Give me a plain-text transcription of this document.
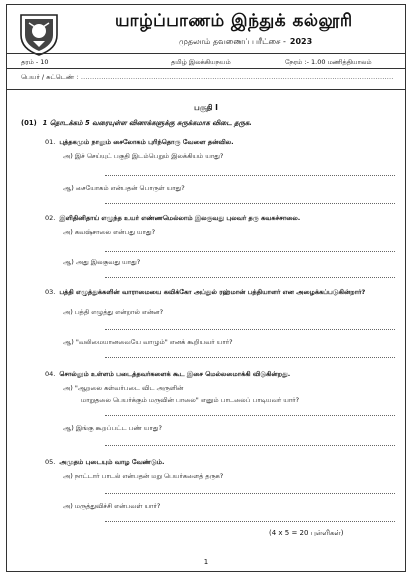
யாழ்ப்பாணம் இந்துக் கல்லூரி
முதலாம் தவணைப் பரீட்சை - 2023
தரம் - 10	தமிழ் இலக்கியநயம்	நேரம் :- 1.00 மணித்தியாலம்
பெயர் / சுட்டெண் : ..........................................................................................................................................
பகுதி I
(01) 1 தொடக்கம் 5 வரையுள்ள வினாக்களுக்கு சுருக்கமாக விடை தருக.
01. புத்தகமும் நாலும் சைலோகம் புரிந்தொரு வேளை தன்வில.
அ) இச் செய்யுட் பகுதி இடம்பெறும் இலக்கியம் யாது?
ஆ) சையோகம் என்பதன் பொருள் யாது?
02. இளிதினிதாய் எழுந்த உயர் எண்ணமெல்லாம் இலகுவது புலவர் தரு கவசுச்சாலை.
அ) கவஷ்சாலை என்பது யாது?
ஆ) அது இலகுவது யாது?
03. பத்தி எழுத்துக்களின் வாராமையை கவிக்கோ அப்துல் ரஹ்மான் பத்தியாளர் என அழைக்கப்படுகின்றார்?
அ) பத்தி எழுத்து என்றால் என்ன?
ஆ) "வலிமையானவையே வாழும்" எனக் கூறியவர் யார்?
04. சொல்லும் உள்ளம் படைத்தவர்களைக் கூட இசை மெல்லமைாக்கி விடுகின்றது.
அ) "ஆறலை கள்வர்படை விட அருளின்
மாறுதலை பெயர்க்கும் மருவின் பாலை" எனும் பாடலைப் பாடியவர் யார்?
ஆ) இங்கு கூறப்பட்ட பண் யாது?
05. அமுதம் புடையும் வாழ வேண்டும்.
அ) நாட்டார் பாடல் என்பதன் மறு பெயர்களைத் தருக?
அ) மருத்துவிச்சி என்பவள் யார்?
(4 x 5 = 20 புள்ளிகள்)
1
